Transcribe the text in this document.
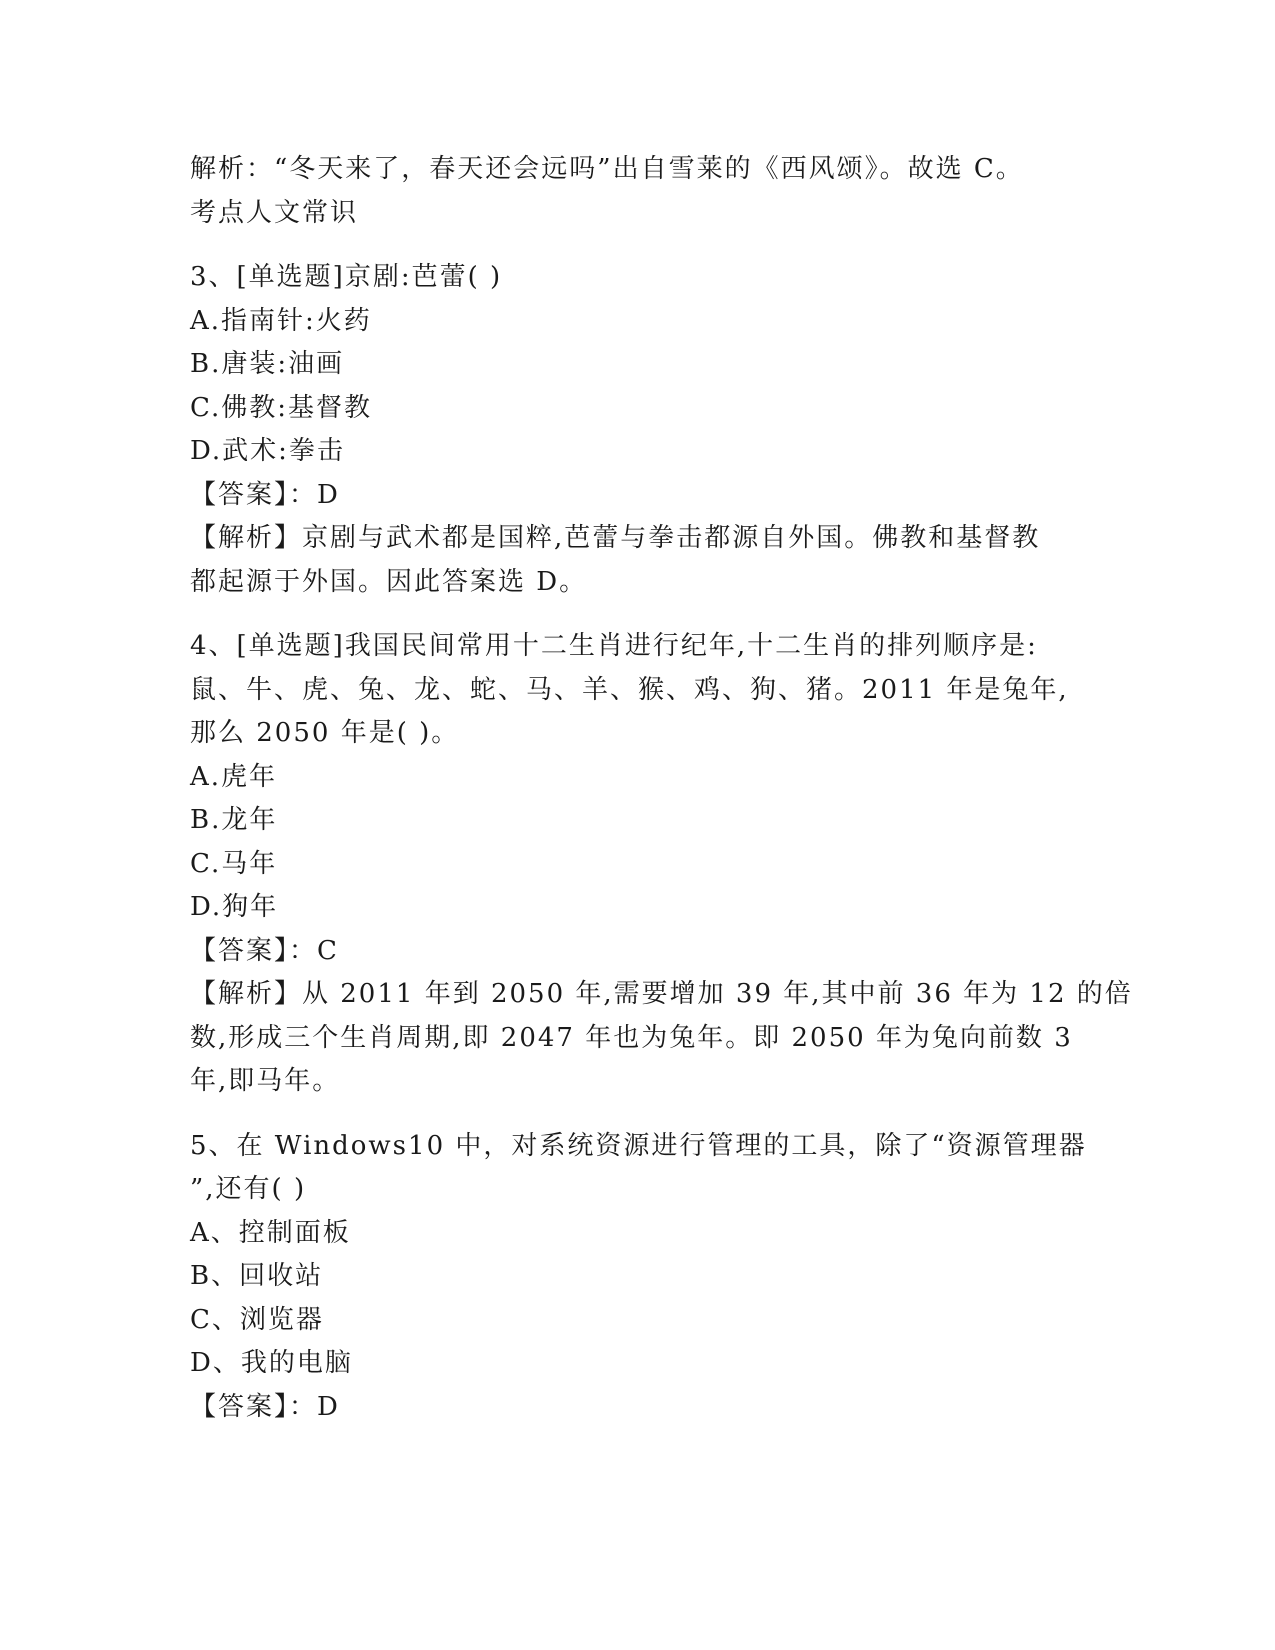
解析：“冬天来了，春天还会远吗”出自雪莱的《西风颂》。故选 C。

考点人文常识

3、[单选题]京剧:芭蕾( )

A.指南针:火药

B.唐装:油画

C.佛教:基督教

D.武术:拳击

【答案】：D

【解析】京剧与武术都是国粹,芭蕾与拳击都源自外国。佛教和基督教

都起源于外国。因此答案选 D。

4、[单选题]我国民间常用十二生肖进行纪年,十二生肖的排列顺序是:

鼠、牛、虎、兔、龙、蛇、马、羊、猴、鸡、狗、猪。2011 年是兔年,

那么 2050 年是( )。

A.虎年

B.龙年

C.马年

D.狗年

【答案】：C

【解析】从 2011 年到 2050 年,需要增加 39 年,其中前 36 年为 12 的倍

数,形成三个生肖周期,即 2047 年也为兔年。即 2050 年为兔向前数 3

年,即马年。

5、在 Windows10 中，对系统资源进行管理的工具，除了“资源管理器

”,还有( )

A、控制面板

B、回收站

C、浏览器

D、我的电脑

【答案】：D
